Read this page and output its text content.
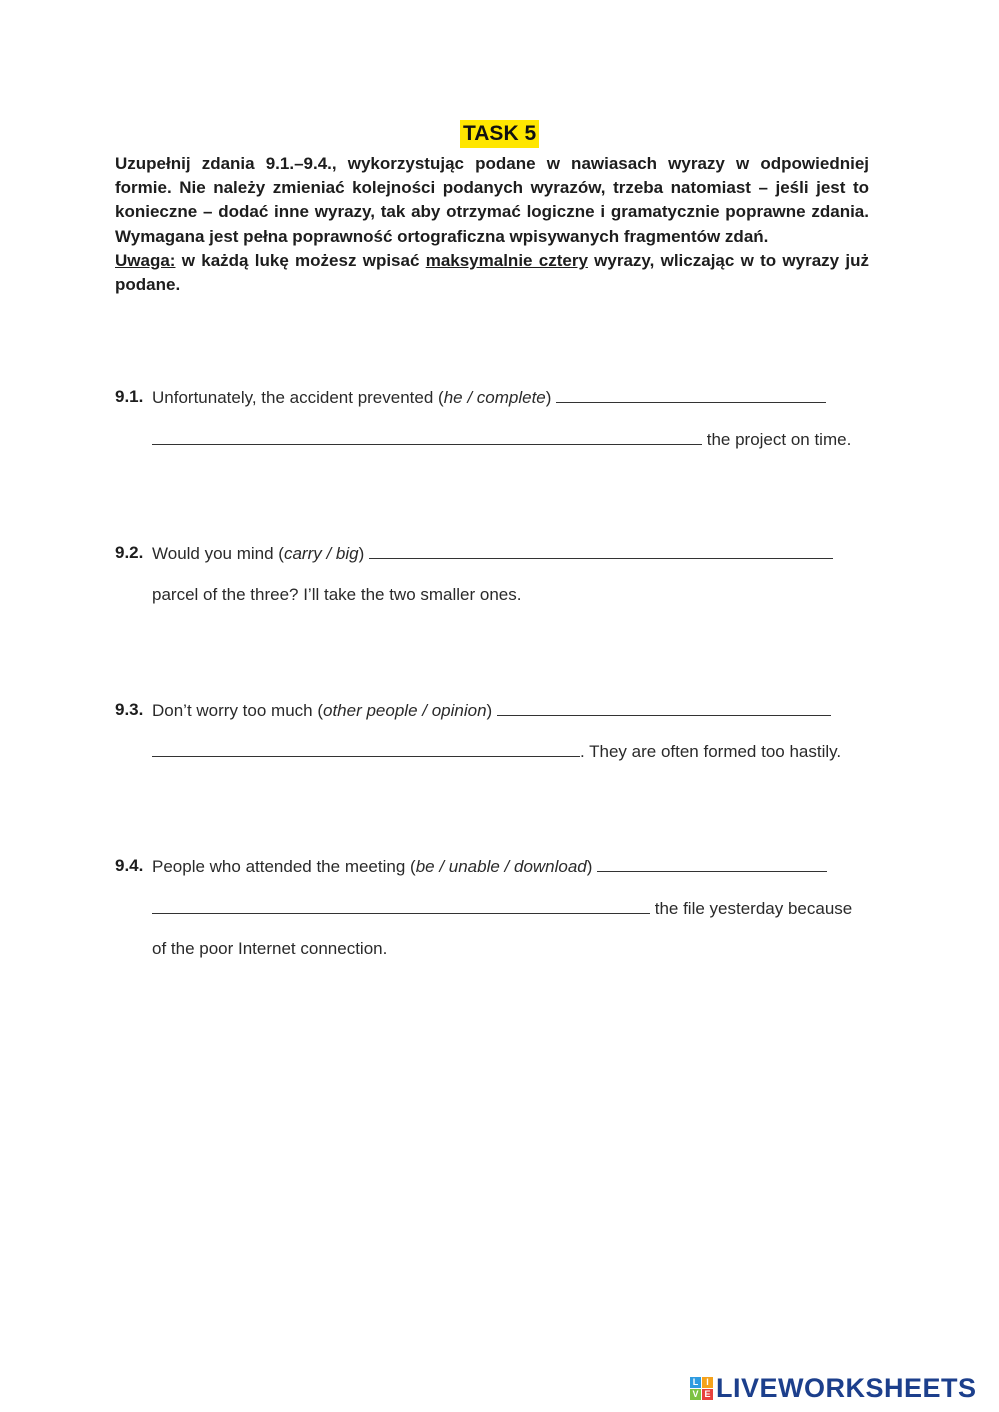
TASK 5

Uzupełnij zdania 9.1.–9.4., wykorzystując podane w nawiasach wyrazy w odpowiedniej formie. Nie należy zmieniać kolejności podanych wyrazów, trzeba natomiast – jeśli jest to konieczne – dodać inne wyrazy, tak aby otrzymać logiczne i gramatycznie poprawne zdania. Wymagana jest pełna poprawność ortograficzna wpisywanych fragmentów zdań.

Uwaga: w każdą lukę możesz wpisać maksymalnie cztery wyrazy, wliczając w to wyrazy już podane.

9.1. Unfortunately, the accident prevented (he / complete)
the project on time.
9.2. Would you mind (carry / big)
parcel of the three? I’ll take the two smaller ones.
9.3. Don’t worry too much (other people / opinion)
. They are often formed too hastily.
9.4. People who attended the meeting (be / unable / download)
the file yesterday because
of the poor Internet connection.
L I
V E LIVEWORKSHEETS
